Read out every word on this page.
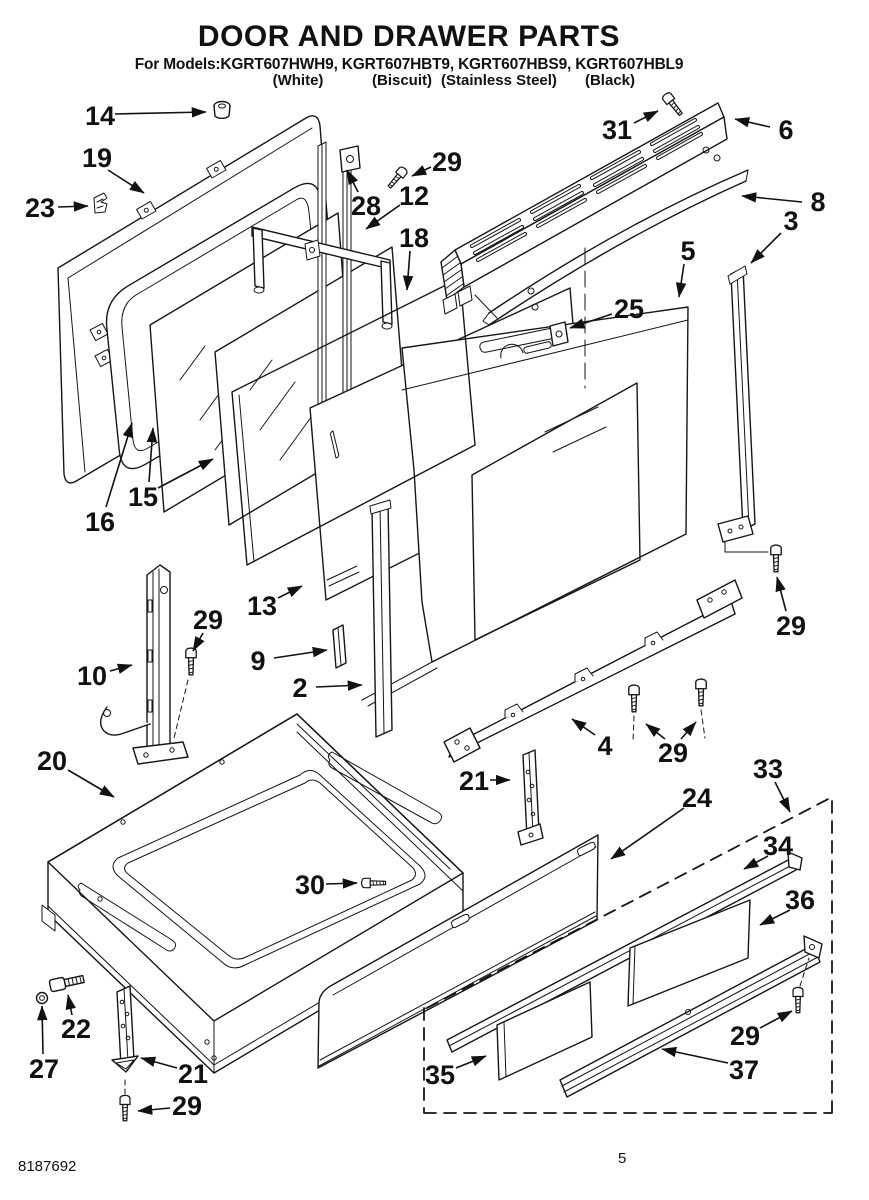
DOOR AND DRAWER PARTS
For Models:KGRT607HWH9, KGRT607HBT9, KGRT607HBS9, KGRT607HBL9
(White)	(Biscuit) (Stainless Steel) (Black)
14
19
23	28
29
12
18
31	6
8
3
5
25
16
15
13
9
2
10
29
20
30
22
27	21
29
21
4 29
29
24
33
34
36
35	37
29
8187692	5
